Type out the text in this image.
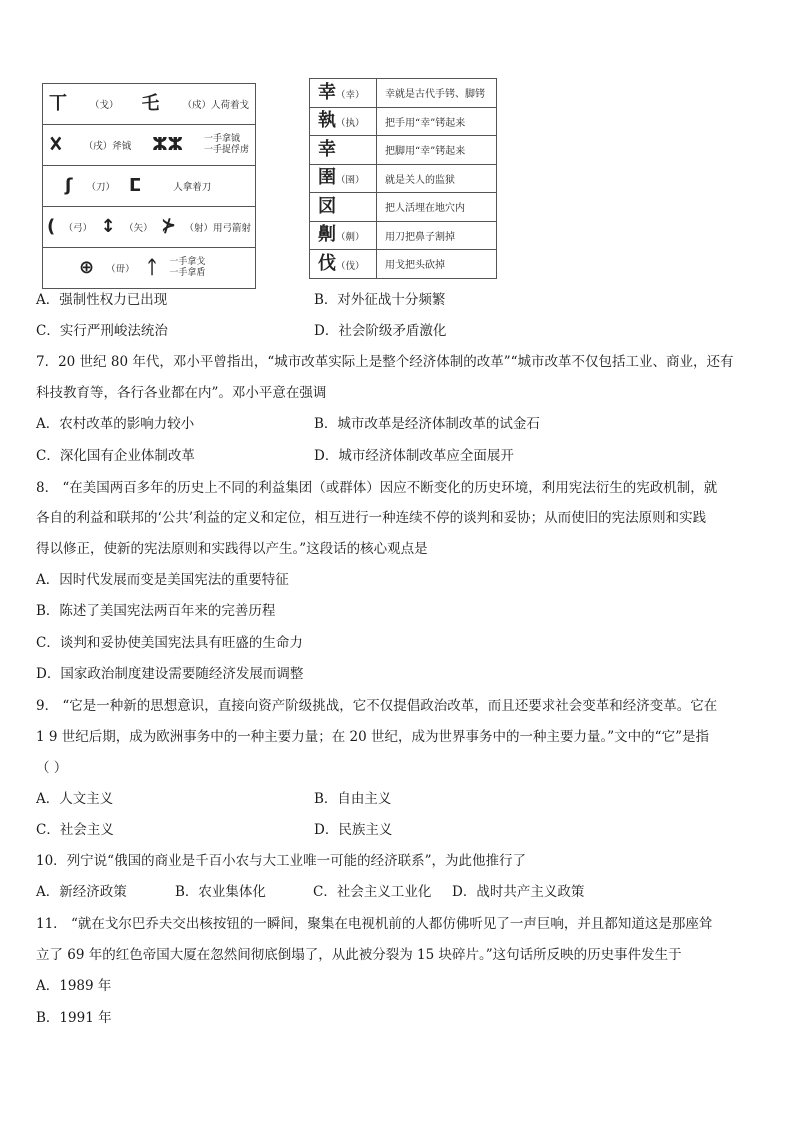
丅 （戈） 乇 （戍）人荷着戈

𐌗 （戌）斧钺 ⵣⵣ 一手拿钺
一手捉俘虏

ʃ （刀） ⵎ	人拿着刀

( （弓） ↕ （矢） ⊁ （射）用弓箭射

⊕ （毌） ᛏ 一手拿戈
一手拿盾
幸（幸）	幸就是古代手铐、脚铐
執（执）	把手用“幸”铐起来
幸	把脚用“幸”铐起来
圉（圉）	就是关人的监狱
㘝	把人活埋在地穴内
劓（劓）	用刀把鼻子割掉
伐（伐）	用戈把头砍掉
A．强制性权力已出现	B．对外征战十分频繁
C．实行严刑峻法统治	D．社会阶级矛盾激化
7．20 世纪 80 年代，邓小平曾指出，“城市改革实际上是整个经济体制的改革”“城市改革不仅包括工业、商业，还有
科技教育等，各行各业都在内”。邓小平意在强调
A．农村改革的影响力较小	B．城市改革是经济体制改革的试金石
C．深化国有企业体制改革	D．城市经济体制改革应全面展开
8． “在美国两百多年的历史上不同的利益集团（或群体）因应不断变化的历史环境，利用宪法衍生的宪政机制，就
各自的利益和联邦的‘公共’利益的定义和定位，相互进行一种连续不停的谈判和妥协；从而使旧的宪法原则和实践
得以修正，使新的宪法原则和实践得以产生。”这段话的核心观点是
A．因时代发展而变是美国宪法的重要特征
B．陈述了美国宪法两百年来的完善历程
C．谈判和妥协使美国宪法具有旺盛的生命力
D．国家政治制度建设需要随经济发展而调整
9． “它是一种新的思想意识，直接向资产阶级挑战，它不仅提倡政治改革，而且还要求社会变革和经济变革。它在
1 9 世纪后期，成为欧洲事务中的一种主要力量；在 20 世纪，成为世界事务中的一种主要力量。”文中的“它”是指
（ ）
A．人文主义	B．自由主义
C．社会主义	D．民族主义
10．列宁说“俄国的商业是千百小农与大工业唯一可能的经济联系”，为此他推行了
A．新经济政策	B．农业集体化	C．社会主义工业化 D．战时共产主义政策
11． “就在戈尔巴乔夫交出核按钮的一瞬间，聚集在电视机前的人都仿佛听见了一声巨响，并且都知道这是那座耸
立了 69 年的红色帝国大厦在忽然间彻底倒塌了，从此被分裂为 15 块碎片。”这句话所反映的历史事件发生于
A．1989 年
B．1991 年
